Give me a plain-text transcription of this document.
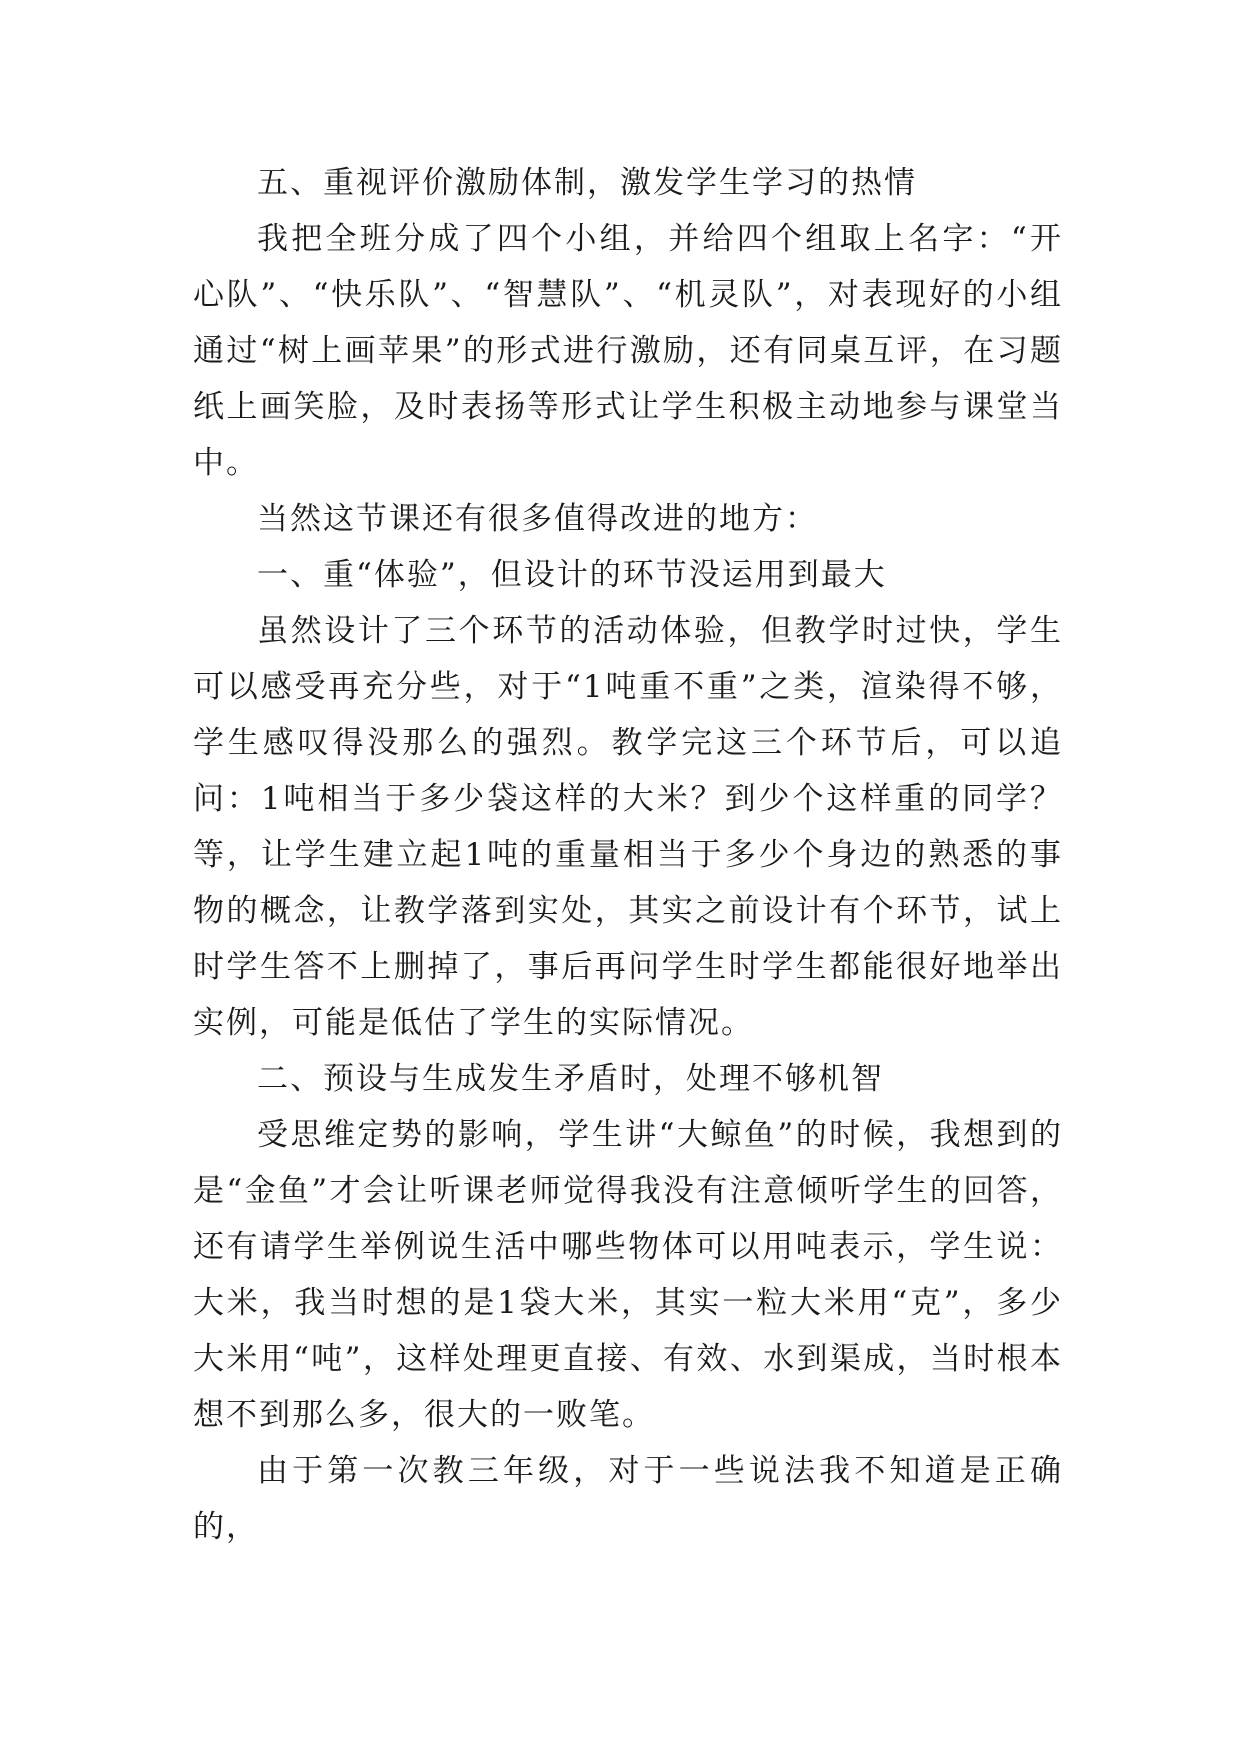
五、重视评价激励体制，激发学生学习的热情

我把全班分成了四个小组，并给四个组取上名字：“开心队”、“快乐队”、“智慧队”、“机灵队”，对表现好的小组通过“树上画苹果”的形式进行激励，还有同桌互评，在习题纸上画笑脸，及时表扬等形式让学生积极主动地参与课堂当中。

当然这节课还有很多值得改进的地方：

一、重“体验”，但设计的环节没运用到最大

虽然设计了三个环节的活动体验，但教学时过快，学生可以感受再充分些，对于“1吨重不重”之类，渲染得不够，学生感叹得没那么的强烈。教学完这三个环节后，可以追问：1吨相当于多少袋这样的大米？到少个这样重的同学？等，让学生建立起1吨的重量相当于多少个身边的熟悉的事物的概念，让教学落到实处，其实之前设计有个环节，试上时学生答不上删掉了，事后再问学生时学生都能很好地举出实例，可能是低估了学生的实际情况。

二、预设与生成发生矛盾时，处理不够机智

受思维定势的影响，学生讲“大鲸鱼”的时候，我想到的是“金鱼”才会让听课老师觉得我没有注意倾听学生的回答，还有请学生举例说生活中哪些物体可以用吨表示，学生说：大米，我当时想的是1袋大米，其实一粒大米用“克”，多少大米用“吨”，这样处理更直接、有效、水到渠成，当时根本想不到那么多，很大的一败笔。

由于第一次教三年级，对于一些说法我不知道是正确的，
